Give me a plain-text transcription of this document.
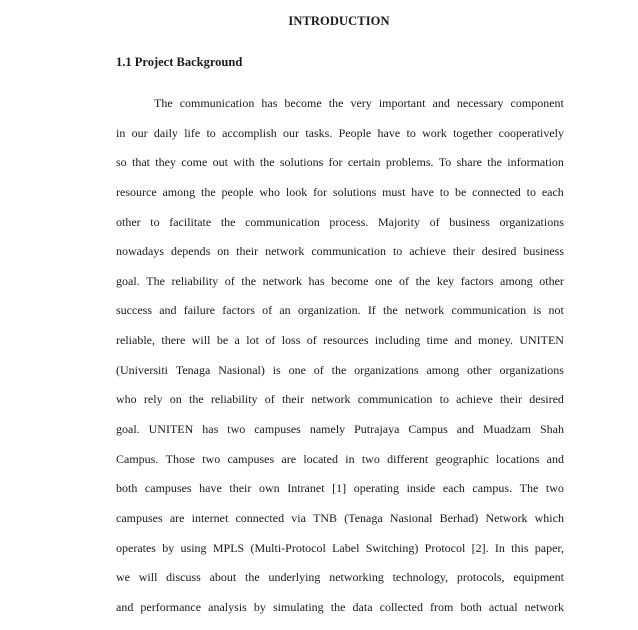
INTRODUCTION
1.1 Project Background
The communication has become the very important and necessary component
in our daily life to accomplish our tasks. People have to work together cooperatively
so that they come out with the solutions for certain problems. To share the information
resource among the people who look for solutions must have to be connected to each
other to facilitate the communication process. Majority of business organizations
nowadays depends on their network communication to achieve their desired business
goal. The reliability of the network has become one of the key factors among other
success and failure factors of an organization. If the network communication is not
reliable, there will be a lot of loss of resources including time and money. UNITEN
(Universiti Tenaga Nasional) is one of the organizations among other organizations
who rely on the reliability of their network communication to achieve their desired
goal. UNITEN has two campuses namely Putrajaya Campus and Muadzam Shah
Campus. Those two campuses are located in two different geographic locations and
both campuses have their own Intranet [1] operating inside each campus. The two
campuses are internet connected via TNB (Tenaga Nasional Berhad) Network which
operates by using MPLS (Multi-Protocol Label Switching) Protocol [2]. In this paper,
we will discuss about the underlying networking technology, protocols, equipment
and performance analysis by simulating the data collected from both actual network
